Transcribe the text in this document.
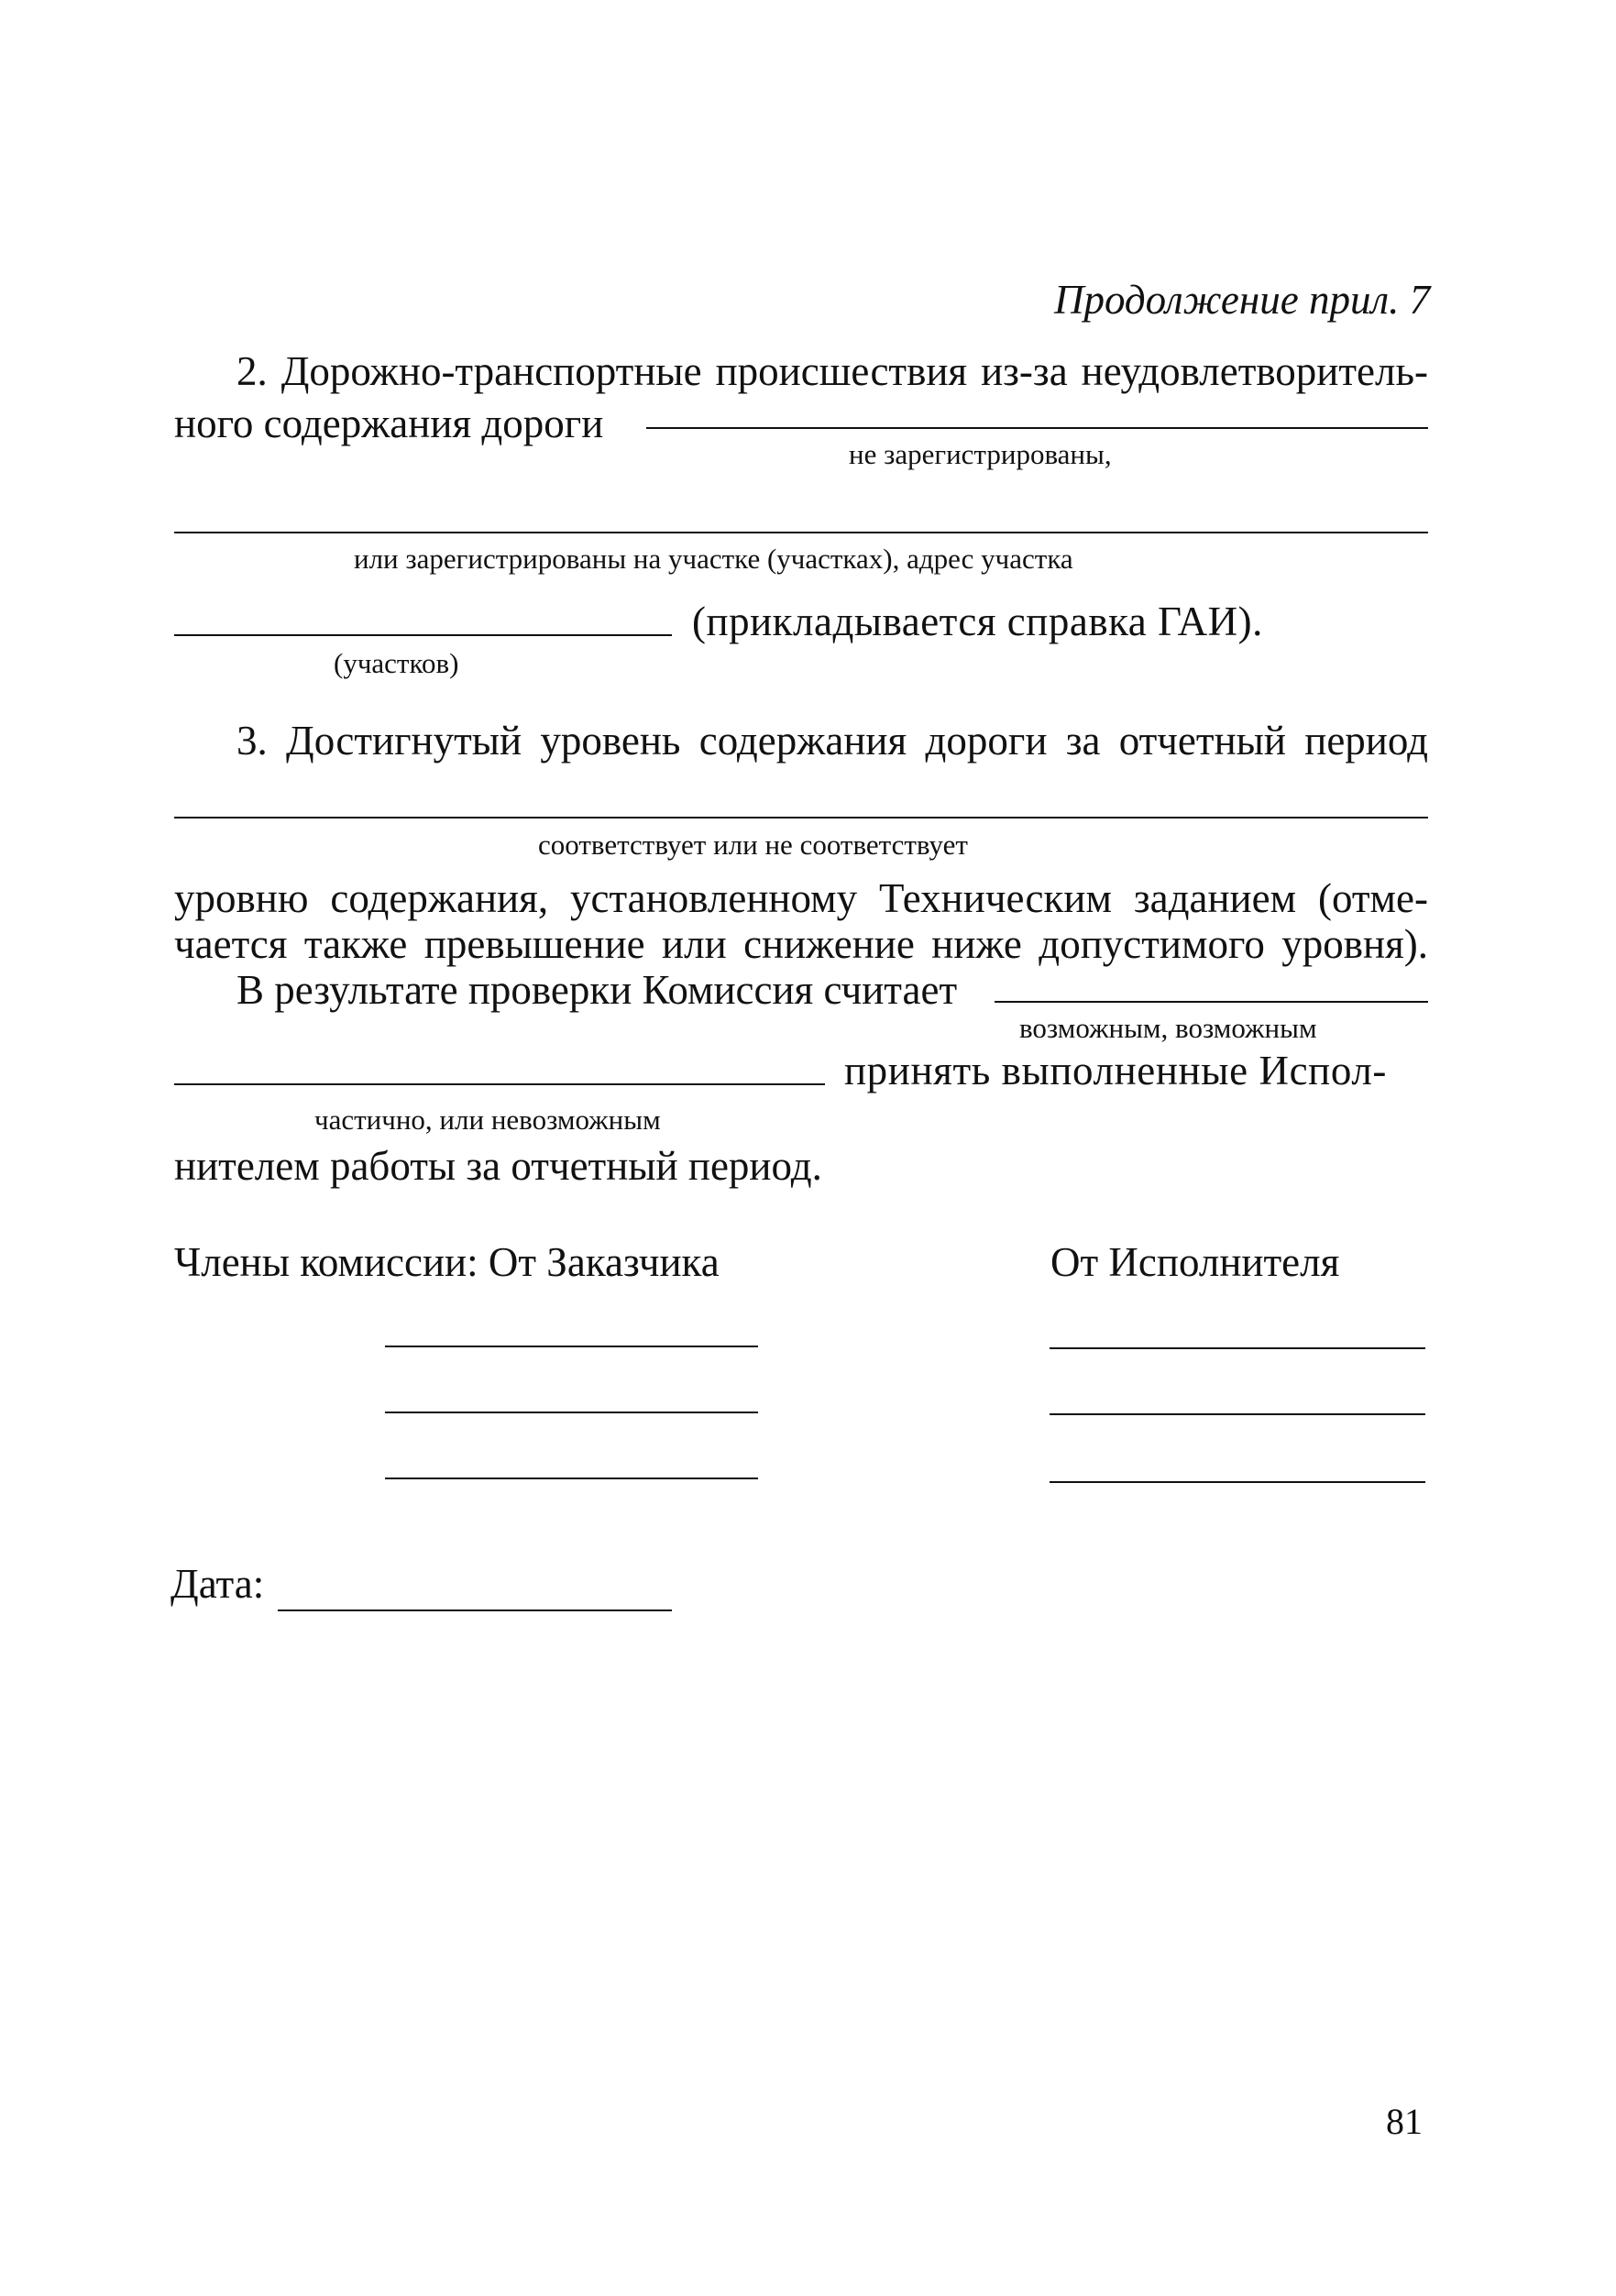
Продолжение прил. 7
2. Дорожно-транспортные происшествия из-за неудовлетворитель-
ного содержания дороги
не зарегистрированы,
или зарегистрированы на участке (участках), адрес участка
(прикладывается справка ГАИ).
(участков)
3. Достигнутый уровень содержания дороги за отчетный период
соответствует или не соответствует
уровню содержания, установленному Техническим заданием (отме-
чается также превышение или снижение ниже допустимого уровня).
В результате проверки Комиссия считает
возможным, возможным
принять выполненные Испол-
частично, или невозможным
нителем работы за отчетный период.
Члены комиссии: От Заказчика	От Исполнителя
Дата:
81
